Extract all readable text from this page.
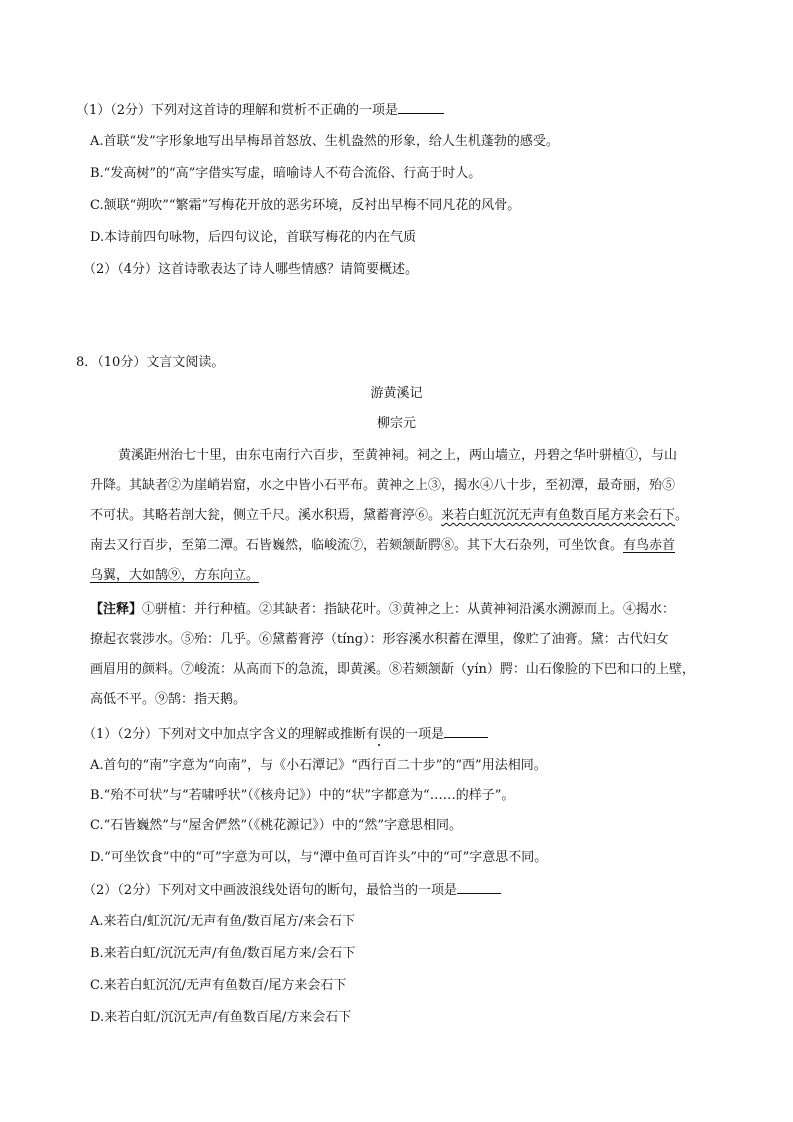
（1）（2分）下列对这首诗的理解和赏析不正确的一项是
A.首联“发”字形象地写出早梅昂首怒放、生机盎然的形象，给人生机蓬勃的感受。
B.“发高树”的“高”字借实写虚，暗喻诗人不苟合流俗、行高于时人。
C.颔联“朔吹”“繁霜”写梅花开放的恶劣环境，反衬出早梅不同凡花的风骨。
D.本诗前四句咏物，后四句议论，首联写梅花的内在气质
（2）（4分）这首诗歌表达了诗人哪些情感？请简要概述。
8．（10分）文言文阅读。
游黄溪记
柳宗元
黄溪距州治七十里，由东屯南行六百步，至黄神祠。祠之上，两山墙立，丹碧之华叶骈植①，与山
升降。其缺者②为崖峭岩窟，水之中皆小石平布。黄神之上③，揭水④八十步，至初潭，最奇丽，殆⑤
不可状。其略若剖大瓮，侧立千尺。溪水积焉，黛蓄膏渟⑥。来若白虹沉沉无声有鱼数百尾方来会石下。
南去又行百步，至第二潭。石皆巍然，临峻流⑦，若颏颔龂腭⑧。其下大石杂列，可坐饮食。有鸟赤首
乌翼，大如鹄⑨，方东向立。
【注释】①骈植：并行种植。②其缺者：指缺花叶。③黄神之上：从黄神祠沿溪水溯源而上。④揭水：
撩起衣裳涉水。⑤殆：几乎。⑥黛蓄膏渟（tíng）：形容溪水积蓄在潭里，像贮了油膏。黛：古代妇女
画眉用的颜料。⑦峻流：从高而下的急流，即黄溪。⑧若颏颔龂（yín）腭：山石像脸的下巴和口的上壁，
高低不平。⑨鹄：指天鹅。
（1）（2分）下列对文中加点字含义的理解或推断有误的一项是
A.首句的“南”字意为“向南”，与《小石潭记》“西行百二十步”的“西”用法相同。
B.“殆不可状”与“若啸呼状”（《核舟记》）中的“状”字都意为“……的样子”。
C.“石皆巍然”与“屋舍俨然”（《桃花源记》）中的“然”字意思相同。
D.“可坐饮食”中的“可”字意为可以，与“潭中鱼可百许头”中的“可”字意思不同。
（2）（2分）下列对文中画波浪线处语句的断句，最恰当的一项是
A.来若白/虹沉沉/无声有鱼/数百尾方/来会石下
B.来若白虹/沉沉无声/有鱼/数百尾方来/会石下
C.来若白虹沉沉/无声有鱼数百/尾方来会石下
D.来若白虹/沉沉无声/有鱼数百尾/方来会石下
